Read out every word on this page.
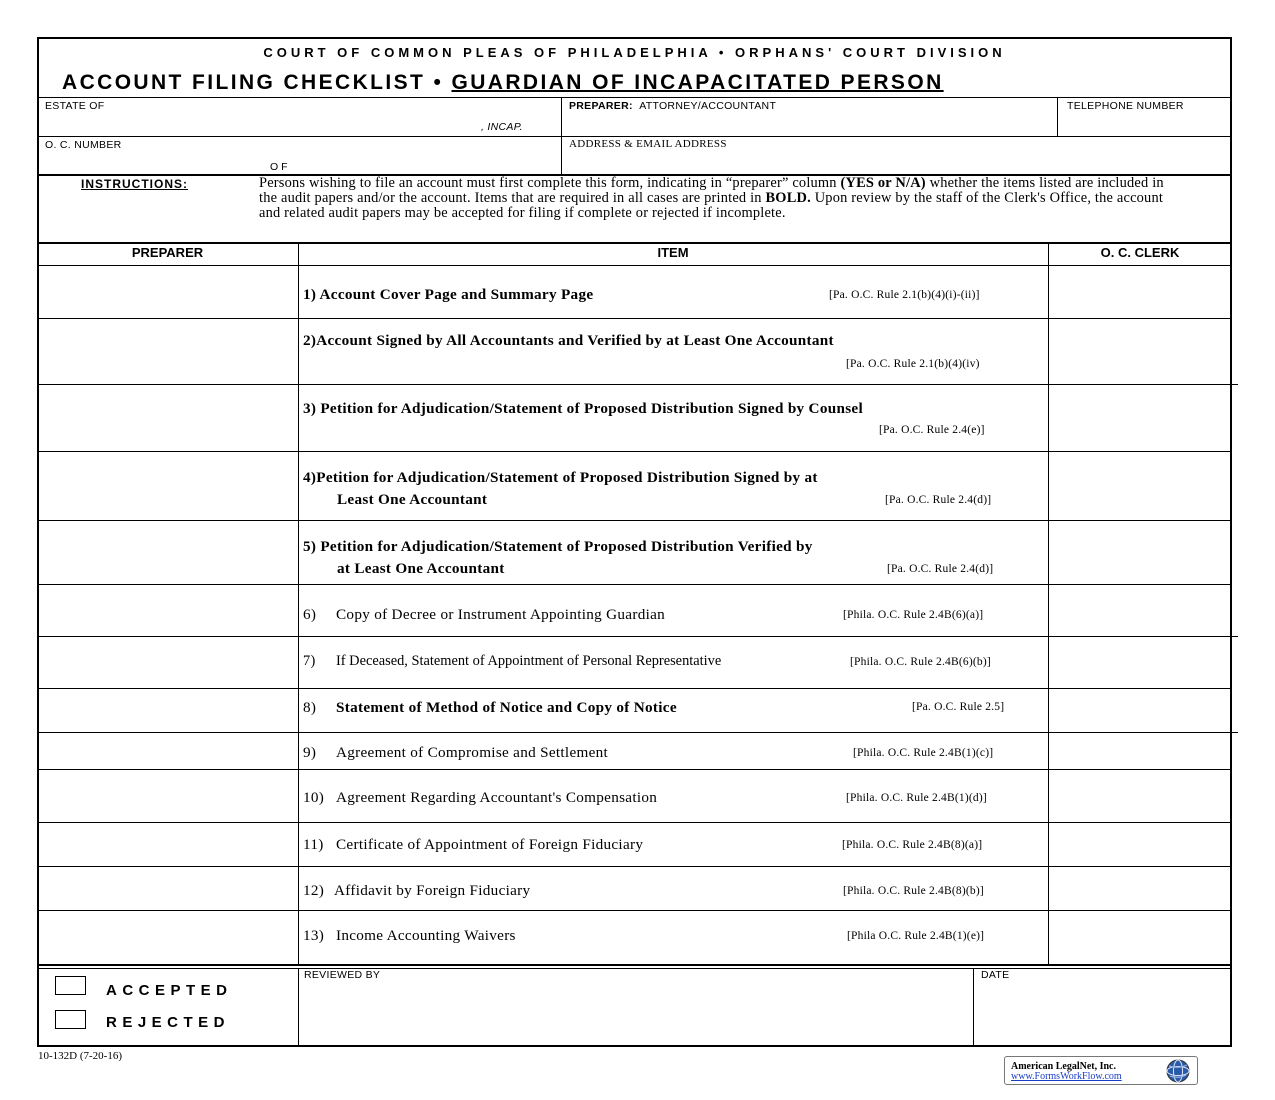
COURT OF COMMON PLEAS OF PHILADELPHIA • ORPHANS' COURT DIVISION
ACCOUNT FILING CHECKLIST • GUARDIAN OF INCAPACITATED PERSON
ESTATE OF
, INCAP.
PREPARER: ATTORNEY/ACCOUNTANT	TELEPHONE NUMBER
O. C. NUMBER
OF
ADDRESS & EMAIL ADDRESS
INSTRUCTIONS:	Persons wishing to file an account must first complete this form, indicating in “preparer” column (YES or N/A) whether the items listed are included in the audit papers and/or the account. Items that are required in all cases are printed in BOLD. Upon review by the staff of the Clerk's Office, the account and related audit papers may be accepted for filing if complete or rejected if incomplete.
PREPARER	ITEM	O. C. CLERK
1) Account Cover Page and Summary Page	[Pa. O.C. Rule 2.1(b)(4)(i)-(ii)]
2)Account Signed by All Accountants and Verified by at Least One Accountant
[Pa. O.C. Rule 2.1(b)(4)(iv)
3) Petition for Adjudication/Statement of Proposed Distribution Signed by Counsel
[Pa. O.C. Rule 2.4(e)]
4)Petition for Adjudication/Statement of Proposed Distribution Signed by at
Least One Accountant	[Pa. O.C. Rule 2.4(d)]
5) Petition for Adjudication/Statement of Proposed Distribution Verified by
at Least One Accountant	[Pa. O.C. Rule 2.4(d)]
6) Copy of Decree or Instrument Appointing Guardian	[Phila. O.C. Rule 2.4B(6)(a)]
7) If Deceased, Statement of Appointment of Personal Representative	[Phila. O.C. Rule 2.4B(6)(b)]
8) Statement of Method of Notice and Copy of Notice	[Pa. O.C. Rule 2.5]
9) Agreement of Compromise and Settlement	[Phila. O.C. Rule 2.4B(1)(c)]
10) Agreement Regarding Accountant's Compensation	[Phila. O.C. Rule 2.4B(1)(d)]
11) Certificate of Appointment of Foreign Fiduciary	[Phila. O.C. Rule 2.4B(8)(a)]
12) Affidavit by Foreign Fiduciary	[Phila. O.C. Rule 2.4B(8)(b)]
13) Income Accounting Waivers	[Phila O.C. Rule 2.4B(1)(e)]
ACCEPTED
REJECTED
REVIEWED BY	DATE
10-132D (7-20-16)
American LegalNet, Inc.
www.FormsWorkFlow.com
